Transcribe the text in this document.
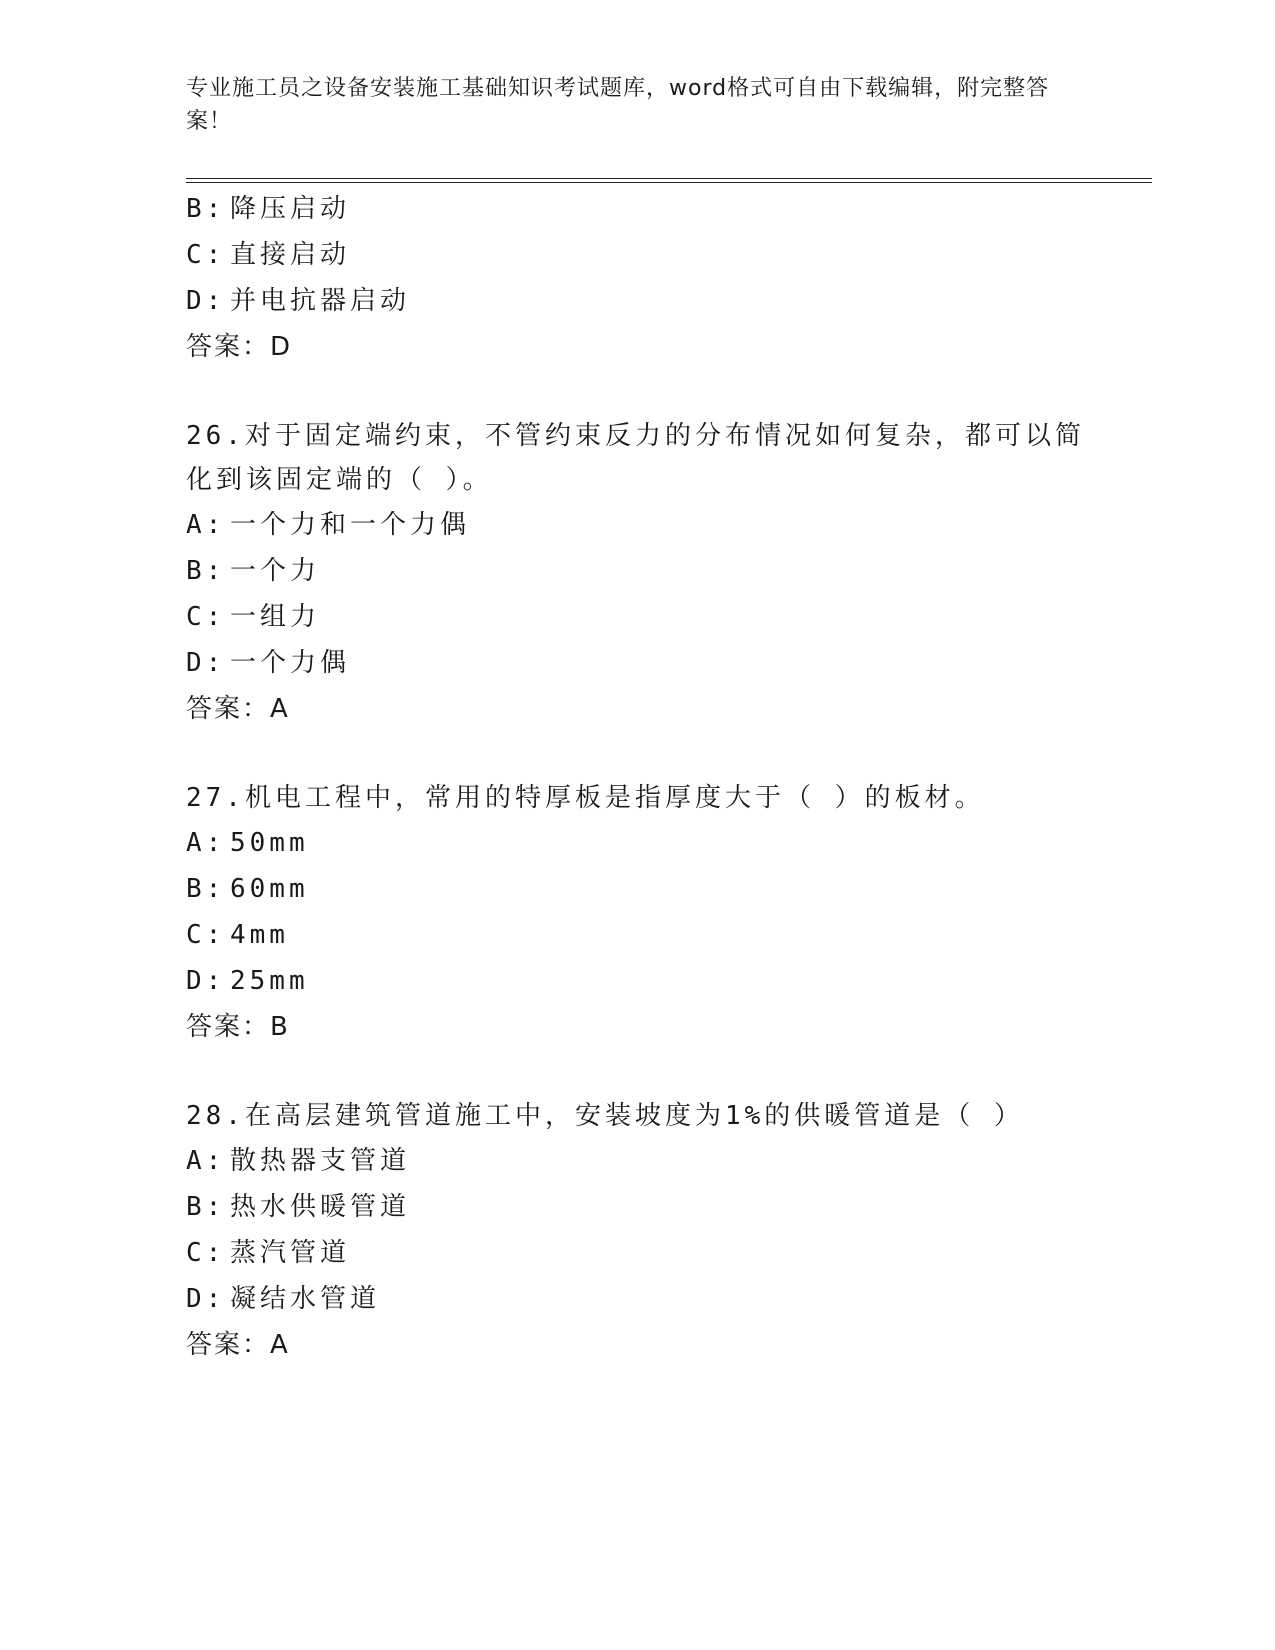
专业施工员之设备安装施工基础知识考试题库，word格式可自由下载编辑，附完整答案！
B: 降压启动
C: 直接启动
D: 并电抗器启动
答案：D
26.对于固定端约束，不管约束反力的分布情况如何复杂，都可以简化到该固定端的（ ）。
A: 一个力和一个力偶
B: 一个力
C: 一组力
D: 一个力偶
答案：A
27.机电工程中，常用的特厚板是指厚度大于（ ）的板材。
A: 50mm
B: 60mm
C: 4mm
D: 25mm
答案：B
28.在高层建筑管道施工中，安装坡度为1%的供暖管道是（ ）
A: 散热器支管道
B: 热水供暖管道
C: 蒸汽管道
D: 凝结水管道
答案：A
